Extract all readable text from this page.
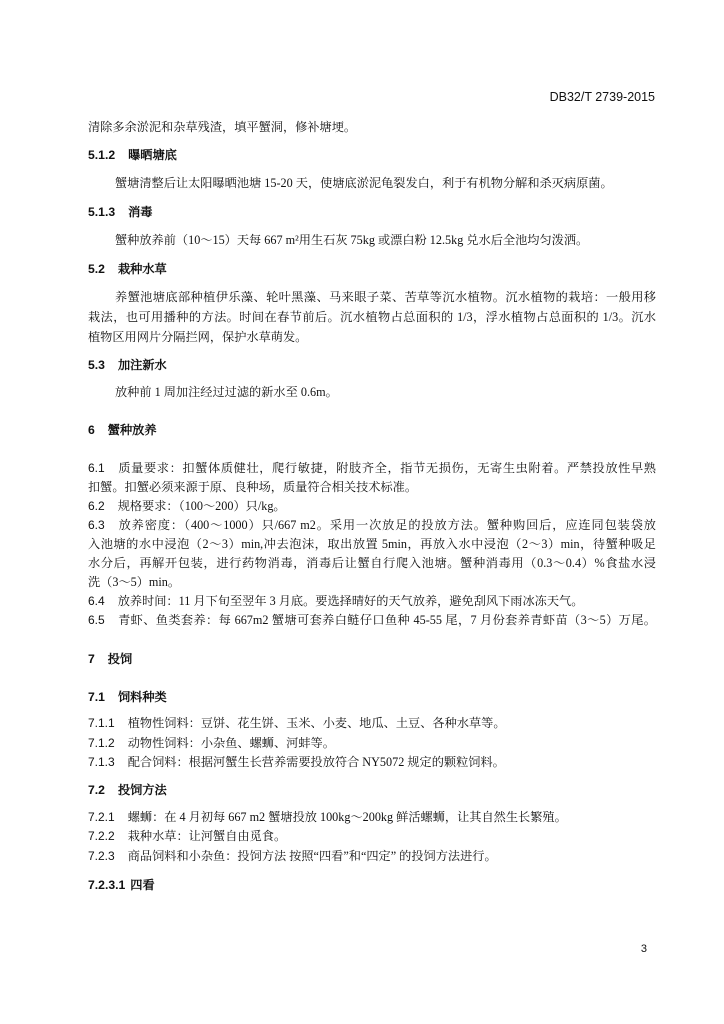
DB32/T 2739-2015
清除多余淤泥和杂草残渣，填平蟹洞，修补塘埂。
5.1.2 曝晒塘底
蟹塘清整后让太阳曝晒池塘 15-20 天，使塘底淤泥龟裂发白，利于有机物分解和杀灭病原菌。
5.1.3 消毒
蟹种放养前（10～15）天每 667 m²用生石灰 75kg 或漂白粉 12.5kg 兑水后全池均匀泼洒。
5.2 栽种水草
养蟹池塘底部种植伊乐藻、轮叶黑藻、马来眼子菜、苦草等沉水植物。沉水植物的栽培：一般用移
栽法，也可用播种的方法。时间在春节前后。沉水植物占总面积的 1/3，浮水植物占总面积的 1/3。沉水
植物区用网片分隔拦网，保护水草萌发。
5.3 加注新水
放种前 1 周加注经过过滤的新水至 0.6m。
6 蟹种放养
6.1 质量要求：扣蟹体质健壮，爬行敏捷，附肢齐全，指节无损伤，无寄生虫附着。严禁投放性早熟
扣蟹。扣蟹必须来源于原、良种场，质量符合相关技术标准。
6.2 规格要求：（100～200）只/kg。
6.3 放养密度：（400～1000）只/667 m2。采用一次放足的投放方法。蟹种购回后，应连同包装袋放
入池塘的水中浸泡（2～3）min,冲去泡沫，取出放置 5min，再放入水中浸泡（2～3）min，待蟹种吸足
水分后，再解开包装，进行药物消毒，消毒后让蟹自行爬入池塘。蟹种消毒用（0.3～0.4）%食盐水浸
洗（3～5）min。
6.4 放养时间：11 月下旬至翌年 3 月底。要选择晴好的天气放养，避免刮风下雨冰冻天气。
6.5 青虾、鱼类套养：每 667m2 蟹塘可套养白鲢仔口鱼种 45-55 尾，7 月份套养青虾苗（3～5）万尾。
7 投饲
7.1 饲料种类
7.1.1 植物性饲料：豆饼、花生饼、玉米、小麦、地瓜、土豆、各种水草等。
7.1.2 动物性饲料：小杂鱼、螺蛳、河蚌等。
7.1.3 配合饲料：根据河蟹生长营养需要投放符合 NY5072 规定的颗粒饲料。
7.2 投饲方法
7.2.1 螺蛳：在 4 月初每 667 m2 蟹塘投放 100kg～200kg 鲜活螺蛳，让其自然生长繁殖。
7.2.2 栽种水草：让河蟹自由觅食。
7.2.3 商品饲料和小杂鱼：投饲方法 按照“四看”和“四定” 的投饲方法进行。
7.2.3.1 四看
3
